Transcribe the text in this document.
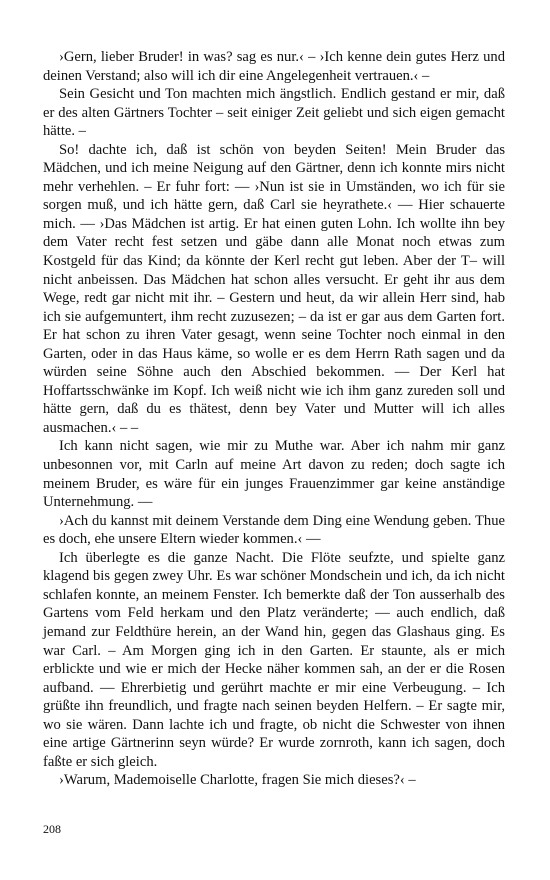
›Gern, lieber Bruder! in was? sag es nur.‹ – ›Ich kenne dein gutes Herz und deinen Verstand; also will ich dir eine Angelegenheit vertrauen.‹ –

Sein Gesicht und Ton machten mich ängstlich. Endlich gestand er mir, daß er des alten Gärtners Tochter – seit einiger Zeit geliebt und sich eigen gemacht hätte. –

So! dachte ich, daß ist schön von beyden Seiten! Mein Bruder das Mädchen, und ich meine Neigung auf den Gärtner, denn ich konnte mirs nicht mehr verhehlen. – Er fuhr fort: –– ›Nun ist sie in Umständen, wo ich für sie sorgen muß, und ich hätte gern, daß Carl sie heyrathete.‹ –– Hier schauerte mich. –– ›Das Mädchen ist artig. Er hat einen guten Lohn. Ich wollte ihn bey dem Vater recht fest setzen und gäbe dann alle Monat noch etwas zum Kostgeld für das Kind; da könnte der Kerl recht gut leben. Aber der T– will nicht anbeissen. Das Mädchen hat schon alles versucht. Er geht ihr aus dem Wege, redt gar nicht mit ihr. – Gestern und heut, da wir allein Herr sind, hab ich sie aufgemuntert, ihm recht zuzusezen; – da ist er gar aus dem Garten fort. Er hat schon zu ihren Vater gesagt, wenn seine Tochter noch einmal in den Garten, oder in das Haus käme, so wolle er es dem Herrn Rath sagen und da würden seine Söhne auch den Abschied bekommen. –– Der Kerl hat Hoffartsschwänke im Kopf. Ich weiß nicht wie ich ihm ganz zureden soll und hätte gern, daß du es thätest, denn bey Vater und Mutter will ich alles ausmachen.‹ – –

Ich kann nicht sagen, wie mir zu Muthe war. Aber ich nahm mir ganz unbesonnen vor, mit Carln auf meine Art davon zu reden; doch sagte ich meinem Bruder, es wäre für ein junges Frauenzimmer gar keine anständige Unternehmung. ––

›Ach du kannst mit deinem Verstande dem Ding eine Wendung geben. Thue es doch, ehe unsere Eltern wieder kommen.‹ ––

Ich überlegte es die ganze Nacht. Die Flöte seufzte, und spielte ganz klagend bis gegen zwey Uhr. Es war schöner Mondschein und ich, da ich nicht schlafen konnte, an meinem Fenster. Ich bemerkte daß der Ton ausserhalb des Gartens vom Feld herkam und den Platz veränderte; –– auch endlich, daß jemand zur Feldthüre herein, an der Wand hin, gegen das Glashaus ging. Es war Carl. – Am Morgen ging ich in den Garten. Er staunte, als er mich erblickte und wie er mich der Hecke näher kommen sah, an der er die Rosen aufband. –– Ehrerbietig und gerührt machte er mir eine Verbeugung. – Ich grüßte ihn freundlich, und fragte nach seinen beyden Helfern. – Er sagte mir, wo sie wären. Dann lachte ich und fragte, ob nicht die Schwester von ihnen eine artige Gärtnerinn seyn würde? Er wurde zornroth, kann ich sagen, doch faßte er sich gleich.

›Warum, Mademoiselle Charlotte, fragen Sie mich dieses?‹ –

208
